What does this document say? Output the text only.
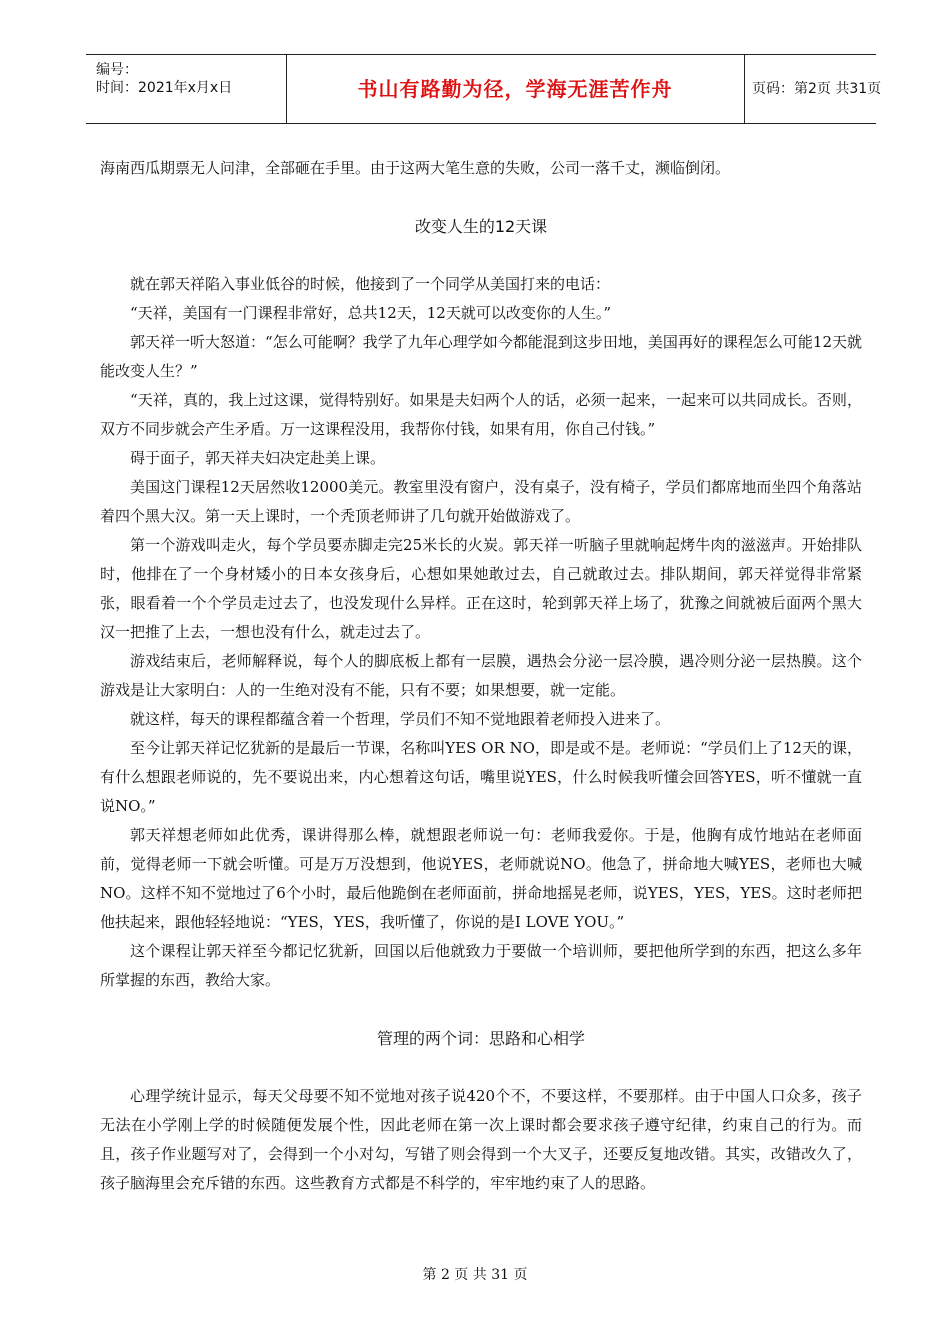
编号：
时间：2021年x月x日	书山有路勤为径，学海无涯苦作舟	页码：第2页 共31页

海南西瓜期票无人问津，全部砸在手里。由于这两大笔生意的失败，公司一落千丈，濒临倒闭。

改变人生的12天课

就在郭天祥陷入事业低谷的时候，他接到了一个同学从美国打来的电话：

“天祥，美国有一门课程非常好，总共12天，12天就可以改变你的人生。”

郭天祥一听大怒道：“怎么可能啊？我学了九年心理学如今都能混到这步田地，美国再好的课程怎么可能12天就能改变人生？”

“天祥，真的，我上过这课，觉得特别好。如果是夫妇两个人的话，必须一起来，一起来可以共同成长。否则，双方不同步就会产生矛盾。万一这课程没用，我帮你付钱，如果有用，你自己付钱。”

碍于面子，郭天祥夫妇决定赴美上课。

美国这门课程12天居然收12000美元。教室里没有窗户，没有桌子，没有椅子，学员们都席地而坐四个角落站着四个黑大汉。第一天上课时，一个秃顶老师讲了几句就开始做游戏了。

第一个游戏叫走火，每个学员要赤脚走完25米长的火炭。郭天祥一听脑子里就响起烤牛肉的滋滋声。开始排队时，他排在了一个身材矮小的日本女孩身后，心想如果她敢过去，自己就敢过去。排队期间，郭天祥觉得非常紧张，眼看着一个个学员走过去了，也没发现什么异样。正在这时，轮到郭天祥上场了，犹豫之间就被后面两个黑大汉一把推了上去，一想也没有什么，就走过去了。

游戏结束后，老师解释说，每个人的脚底板上都有一层膜，遇热会分泌一层冷膜，遇冷则分泌一层热膜。这个游戏是让大家明白：人的一生绝对没有不能，只有不要；如果想要，就一定能。

就这样，每天的课程都蕴含着一个哲理，学员们不知不觉地跟着老师投入进来了。

至今让郭天祥记忆犹新的是最后一节课，名称叫YES OR NO，即是或不是。老师说：“学员们上了12天的课，有什么想跟老师说的，先不要说出来，内心想着这句话，嘴里说YES，什么时候我听懂会回答YES，听不懂就一直说NO。”

郭天祥想老师如此优秀，课讲得那么棒，就想跟老师说一句：老师我爱你。于是，他胸有成竹地站在老师面前，觉得老师一下就会听懂。可是万万没想到，他说YES，老师就说NO。他急了，拼命地大喊YES，老师也大喊NO。这样不知不觉地过了6个小时，最后他跪倒在老师面前，拼命地摇晃老师，说YES，YES，YES。这时老师把他扶起来，跟他轻轻地说：“YES，YES，我听懂了，你说的是I LOVE YOU。”

这个课程让郭天祥至今都记忆犹新，回国以后他就致力于要做一个培训师，要把他所学到的东西，把这么多年所掌握的东西，教给大家。

管理的两个词：思路和心相学

心理学统计显示，每天父母要不知不觉地对孩子说420个不，不要这样，不要那样。由于中国人口众多，孩子无法在小学刚上学的时候随便发展个性，因此老师在第一次上课时都会要求孩子遵守纪律，约束自己的行为。而且，孩子作业题写对了，会得到一个小对勾，写错了则会得到一个大叉子，还要反复地改错。其实，改错改久了，孩子脑海里会充斥错的东西。这些教育方式都是不科学的，牢牢地约束了人的思路。

第 2 页 共 31 页
